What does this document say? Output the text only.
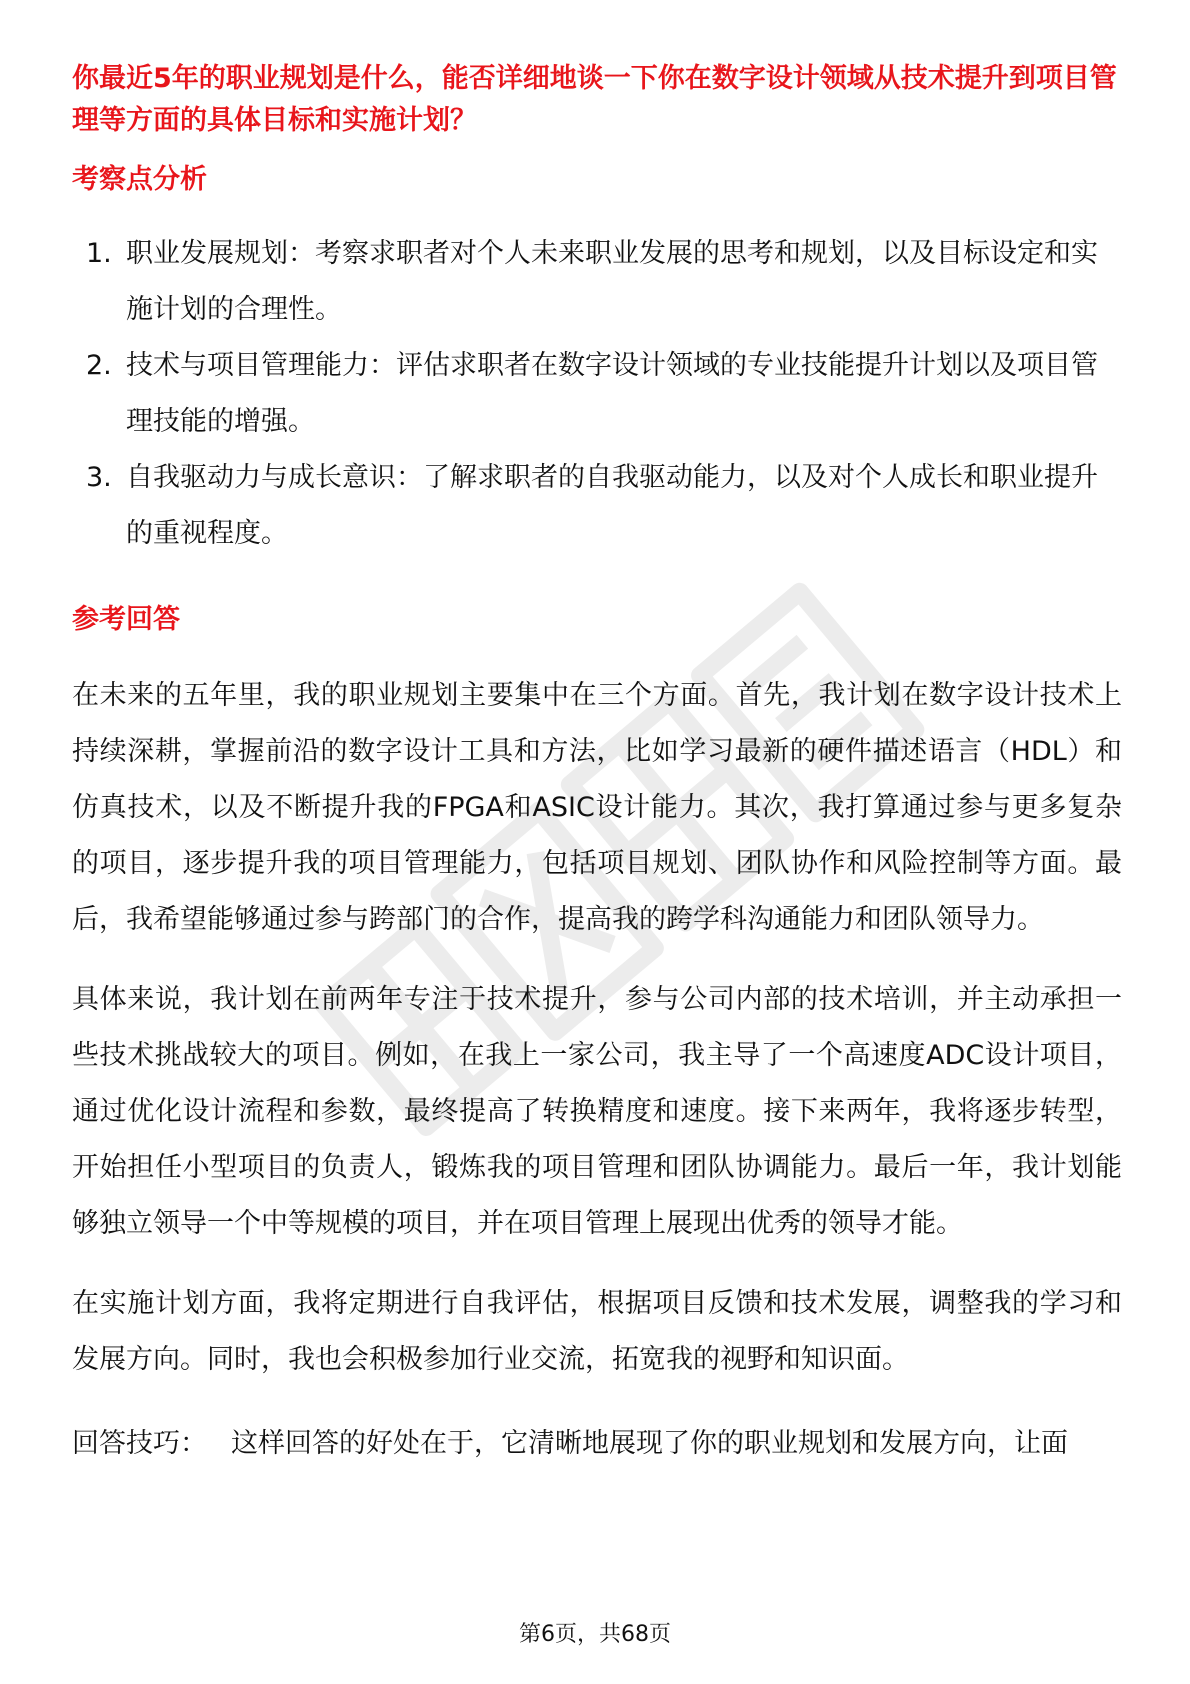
你最近5年的职业规划是什么，能否详细地谈一下你在数字设计领域从技术提升到项目管理等方面的具体目标和实施计划？

考察点分析
1. 职业发展规划：考察求职者对个人未来职业发展的思考和规划，以及目标设定和实施计划的合理性。
2. 技术与项目管理能力：评估求职者在数字设计领域的专业技能提升计划以及项目管理技能的增强。
3. 自我驱动力与成长意识：了解求职者的自我驱动能力，以及对个人成长和职业提升的重视程度。
参考回答

在未来的五年里，我的职业规划主要集中在三个方面。首先，我计划在数字设计技术上持续深耕，掌握前沿的数字设计工具和方法，比如学习最新的硬件描述语言（HDL）和仿真技术，以及不断提升我的FPGA和ASIC设计能力。其次，我打算通过参与更多复杂的项目，逐步提升我的项目管理能力，包括项目规划、团队协作和风险控制等方面。最后，我希望能够通过参与跨部门的合作，提高我的跨学科沟通能力和团队领导力。

具体来说，我计划在前两年专注于技术提升，参与公司内部的技术培训，并主动承担一些技术挑战较大的项目。例如，在我上一家公司，我主导了一个高速度ADC设计项目，通过优化设计流程和参数，最终提高了转换精度和速度。接下来两年，我将逐步转型，开始担任小型项目的负责人，锻炼我的项目管理和团队协调能力。最后一年，我计划能够独立领导一个中等规模的项目，并在项目管理上展现出优秀的领导才能。

在实施计划方面，我将定期进行自我评估，根据项目反馈和技术发展，调整我的学习和发展方向。同时，我也会积极参加行业交流，拓宽我的视野和知识面。

回答技巧： 这样回答的好处在于，它清晰地展现了你的职业规划和发展方向，让面

第6页，共68页
